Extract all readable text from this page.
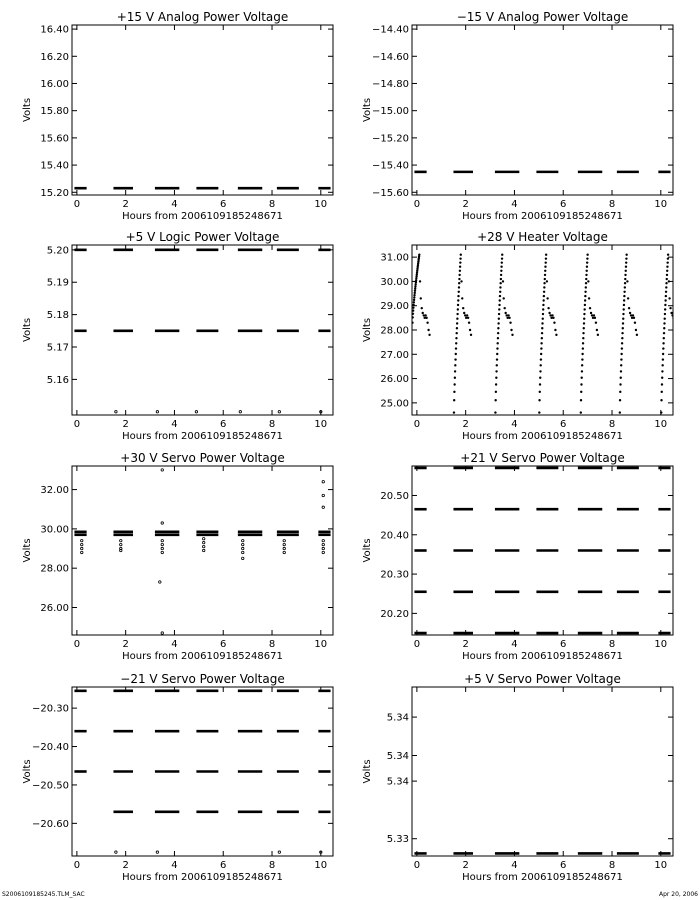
+15 V Analog Power Voltage
0	2	4	6	8	10
15.20
15.40
15.60
15.80
16.00
16.20
16.40
Hours from 2006109185248671
Volts
−15 V Analog Power Voltage
0	2	4	6	8	10
−15.60
−15.40
−15.20
−15.00
−14.80
−14.60
−14.40
Hours from 2006109185248671
Volts
+5 V Logic Power Voltage
0	2	4	6	8	10
5.16
5.17
5.18
5.19
5.20
Hours from 2006109185248671
Volts
+28 V Heater Voltage
0	2	4	6	8	10
25.00
26.00
27.00
28.00
29.00
30.00
31.00
Hours from 2006109185248671
Volts
+30 V Servo Power Voltage
0	2	4	6	8	10
26.00
28.00
30.00
32.00
Hours from 2006109185248671
Volts
+21 V Servo Power Voltage
0	2	4	6	8	10
20.20
20.30
20.40
20.50
Hours from 2006109185248671
Volts
−21 V Servo Power Voltage
0	2	4	6	8	10
−20.60
−20.50
−20.40
−20.30
Hours from 2006109185248671
Volts
+5 V Servo Power Voltage
0	2	4	6	8	10
5.33
5.34
5.34
5.34
Hours from 2006109185248671
Volts
S2006109185245.TLM_SAC	Apr 20, 2006
